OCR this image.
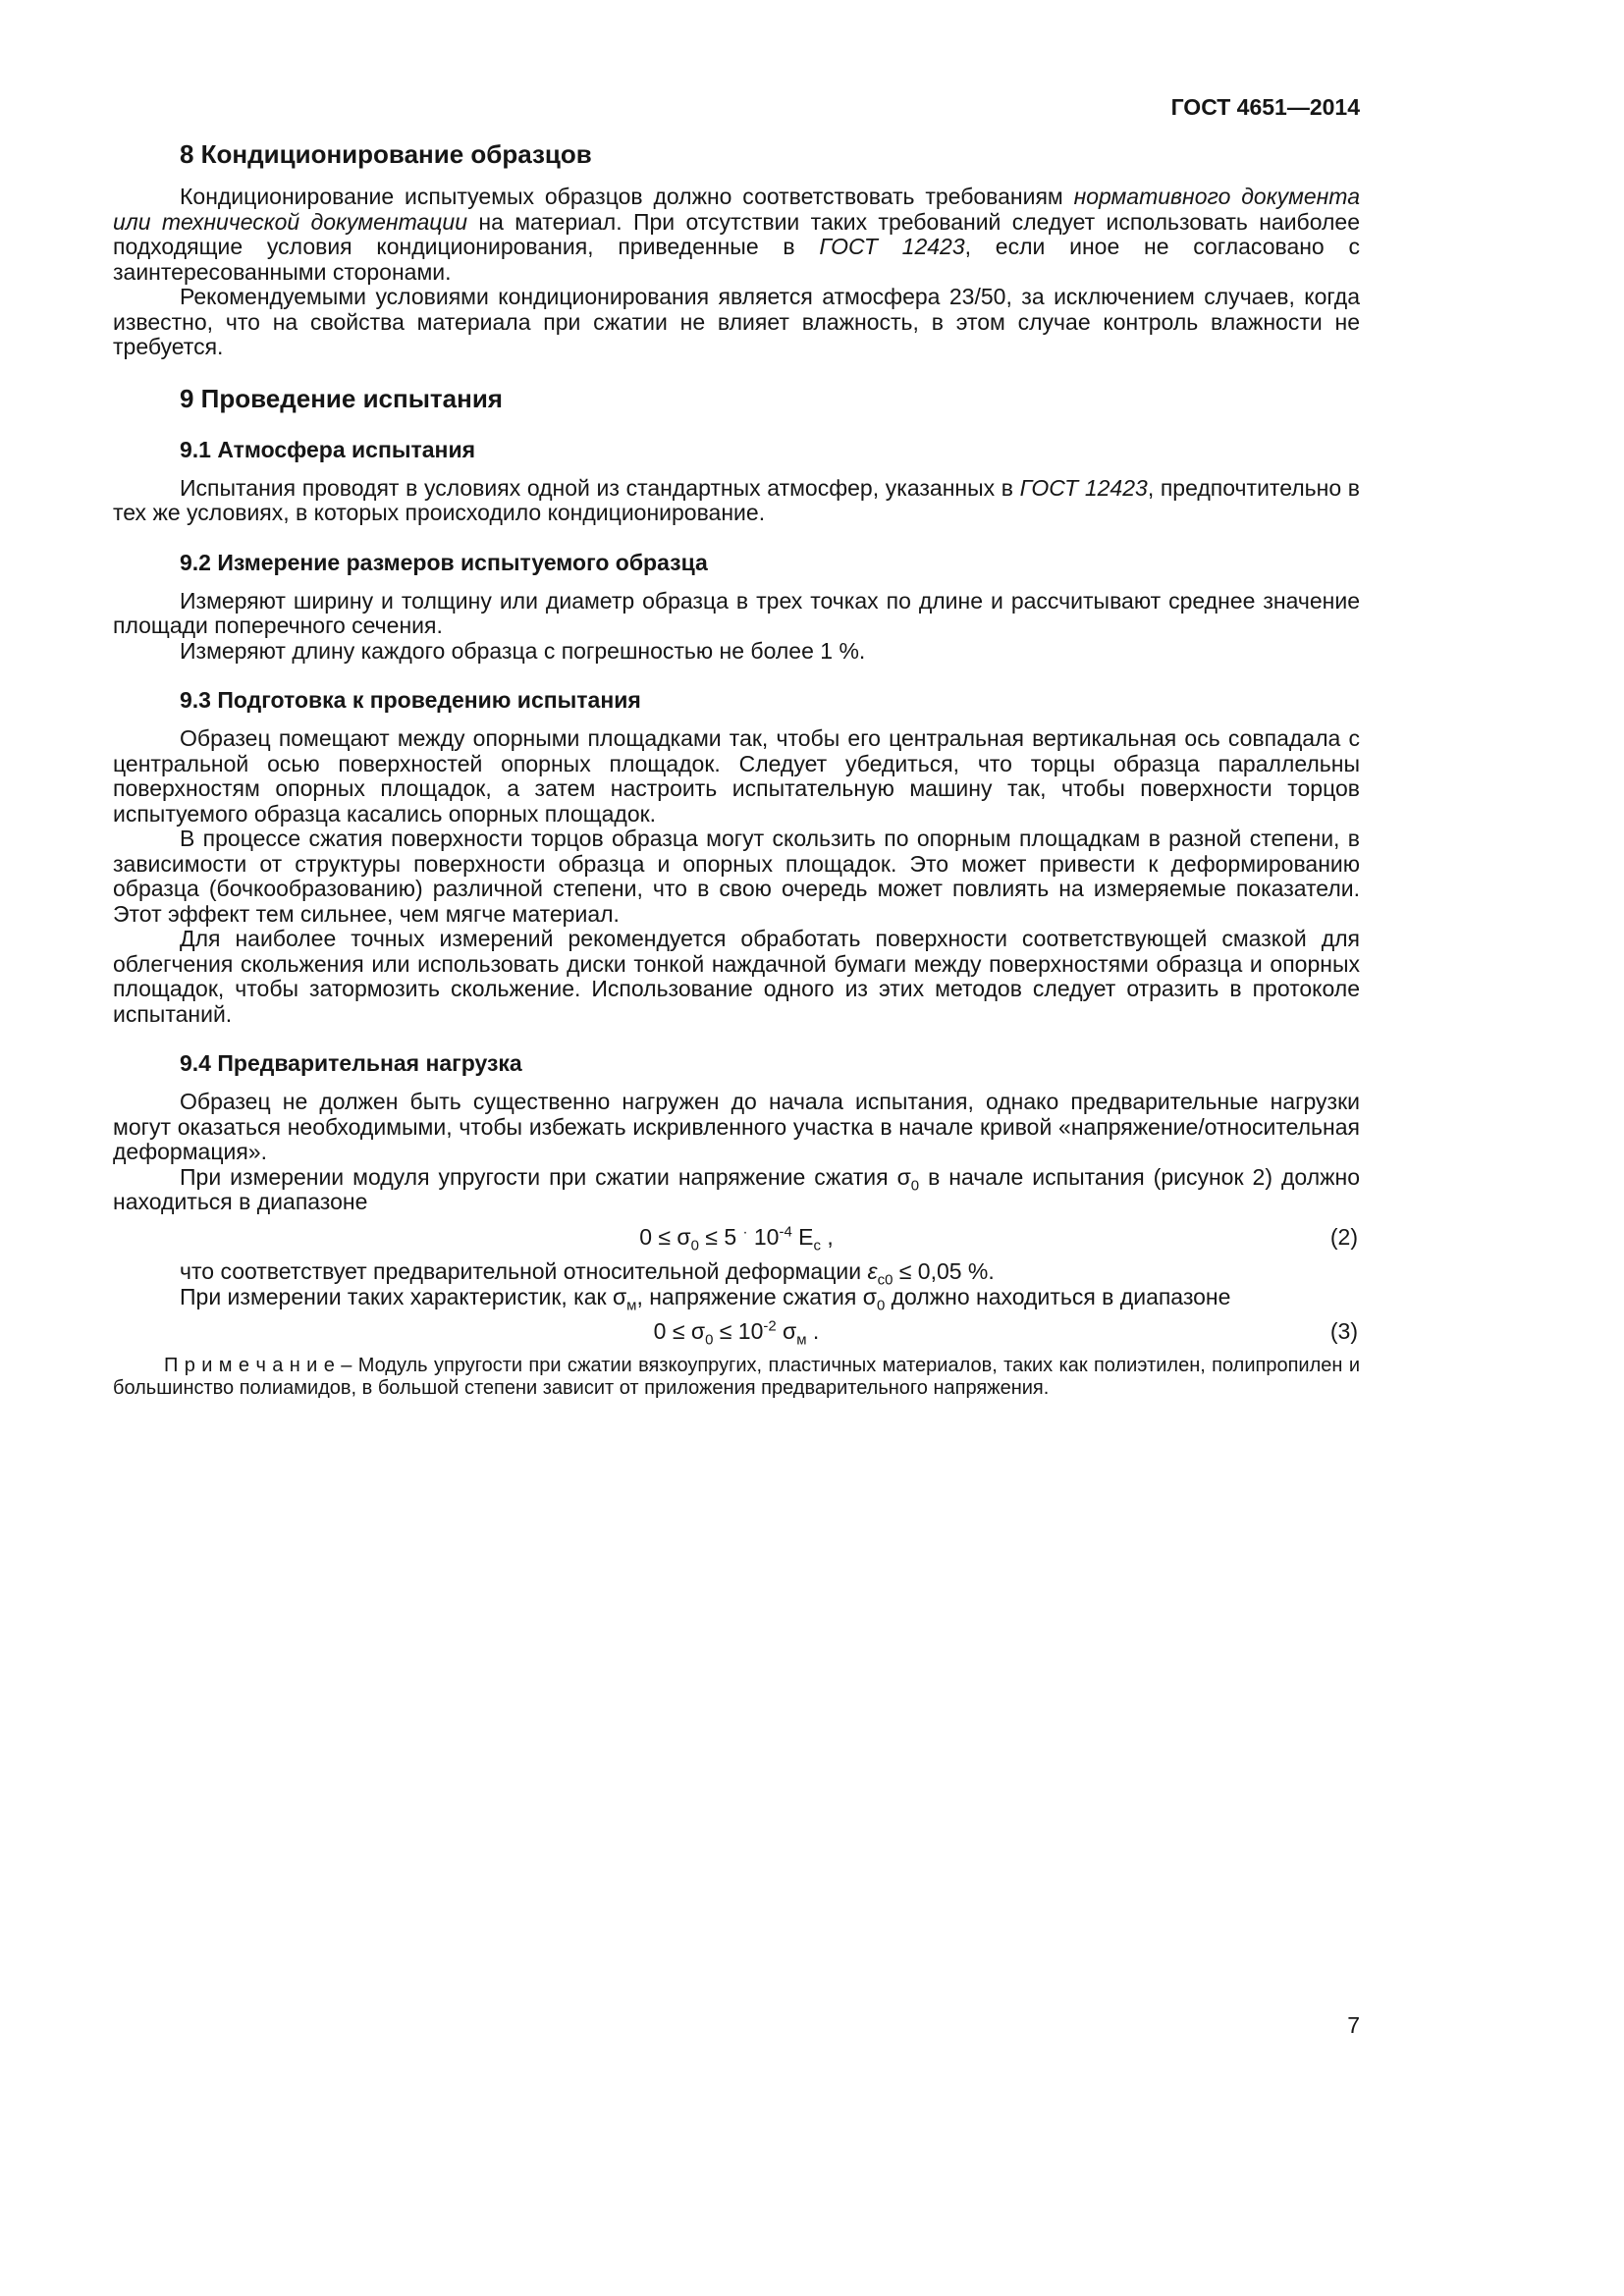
ГОСТ 4651—2014
8 Кондиционирование образцов
Кондиционирование испытуемых образцов должно соответствовать требованиям нормативного документа или технической документации на материал. При отсутствии таких требований следует использовать наиболее подходящие условия кондиционирования, приведенные в ГОСТ 12423, если иное не согласовано с заинтересованными сторонами.
Рекомендуемыми условиями кондиционирования является атмосфера 23/50, за исключением случаев, когда известно, что на свойства материала при сжатии не влияет влажность, в этом случае контроль влажности не требуется.
9 Проведение испытания
9.1 Атмосфера испытания
Испытания проводят в условиях одной из стандартных атмосфер, указанных в ГОСТ 12423, предпочтительно в тех же условиях, в которых происходило кондиционирование.
9.2 Измерение размеров испытуемого образца
Измеряют ширину и толщину или диаметр образца в трех точках по длине и рассчитывают среднее значение площади поперечного сечения.
Измеряют длину каждого образца с погрешностью не более 1 %.
9.3 Подготовка к проведению испытания
Образец помещают между опорными площадками так, чтобы его центральная вертикальная ось совпадала с центральной осью поверхностей опорных площадок. Следует убедиться, что торцы образца параллельны поверхностям опорных площадок, а затем настроить испытательную машину так, чтобы поверхности торцов испытуемого образца касались опорных площадок.
В процессе сжатия поверхности торцов образца могут скользить по опорным площадкам в разной степени, в зависимости от структуры поверхности образца и опорных площадок. Это может привести к деформированию образца (бочкообразованию) различной степени, что в свою очередь может повлиять на измеряемые показатели. Этот эффект тем сильнее, чем мягче материал.
Для наиболее точных измерений рекомендуется обработать поверхности соответствующей смазкой для облегчения скольжения или использовать диски тонкой наждачной бумаги между поверхностями образца и опорных площадок, чтобы затормозить скольжение. Использование одного из этих методов следует отразить в протоколе испытаний.
9.4 Предварительная нагрузка
Образец не должен быть существенно нагружен до начала испытания, однако предварительные нагрузки могут оказаться необходимыми, чтобы избежать искривленного участка в начале кривой «напряжение/относительная деформация».
При измерении модуля упругости при сжатии напряжение сжатия $\sigma_0$ в начале испытания (рисунок 2) должно находиться в диапазоне
$0 \le \sigma_0 \le 5$ · $10^{-4}$ $E_c$ ,	(2)
что соответствует предварительной относительной деформации $\varepsilon_{c0} \le 0,05$ %.
При измерении таких характеристик, как $\sigma_м$, напряжение сжатия $\sigma_0$ должно находиться в диапазоне
$0 \le \sigma_0 \le 10^{-2}$ $\sigma_м$ .	(3)
П р и м е ч а н и е – Модуль упругости при сжатии вязкоупругих, пластичных материалов, таких как полиэтилен, полипропилен и большинство полиамидов, в большой степени зависит от приложения предварительного напряжения.
7
